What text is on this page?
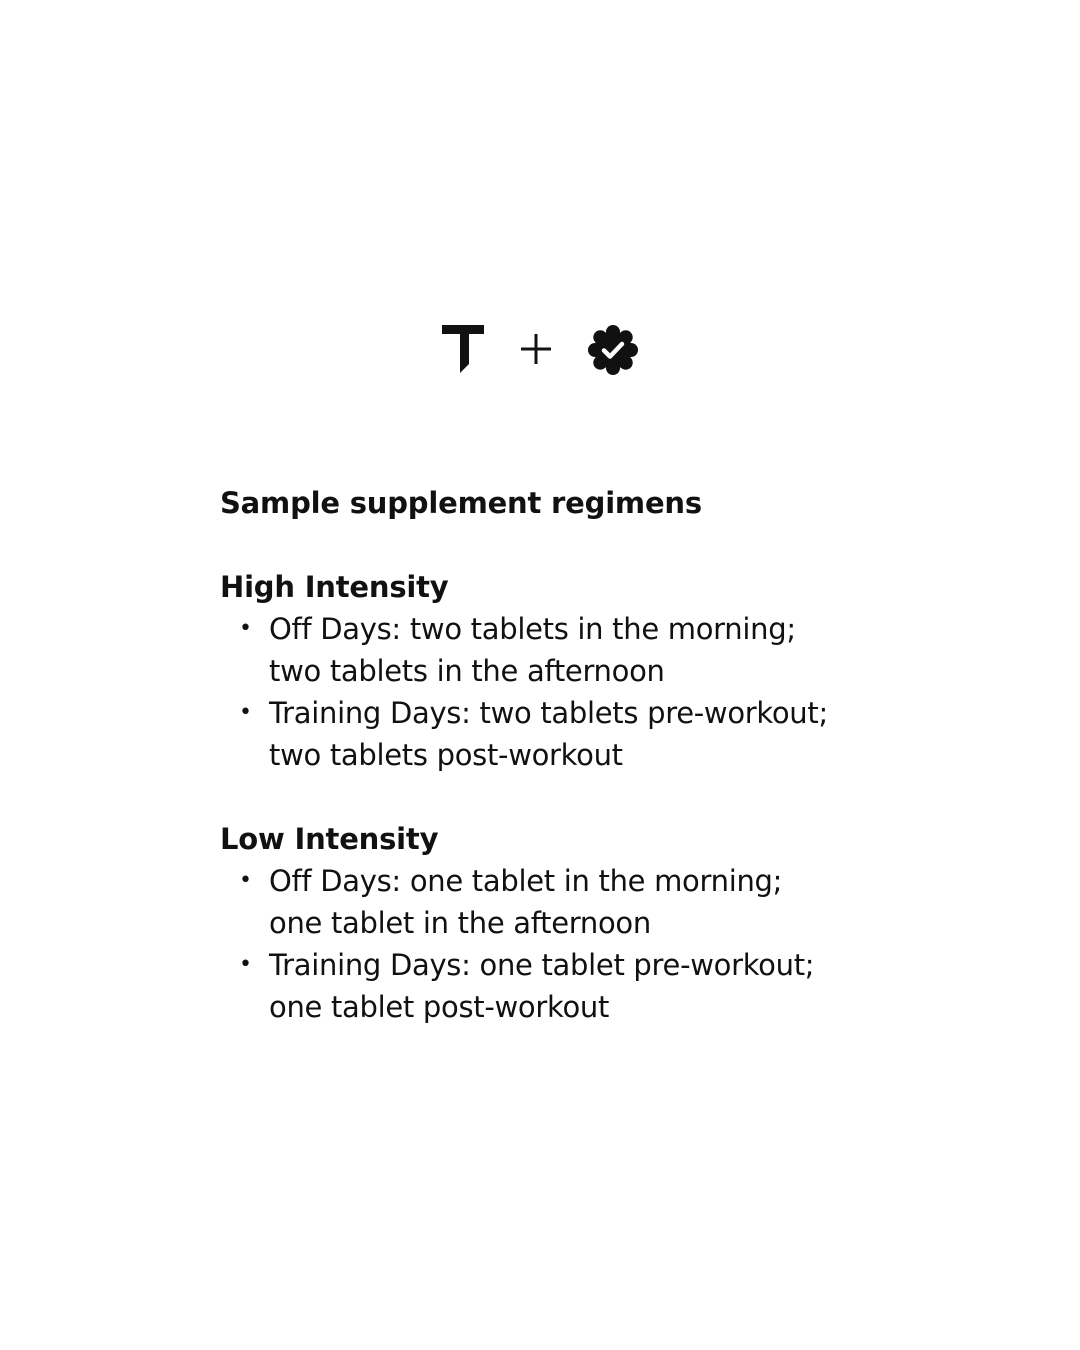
Sample supplement regimens
High Intensity
• Off Days: two tablets in the morning;
two tablets in the afternoon
• Training Days: two tablets pre-workout;
two tablets post-workout
Low Intensity
• Off Days: one tablet in the morning;
one tablet in the afternoon
• Training Days: one tablet pre-workout;
one tablet post-workout
